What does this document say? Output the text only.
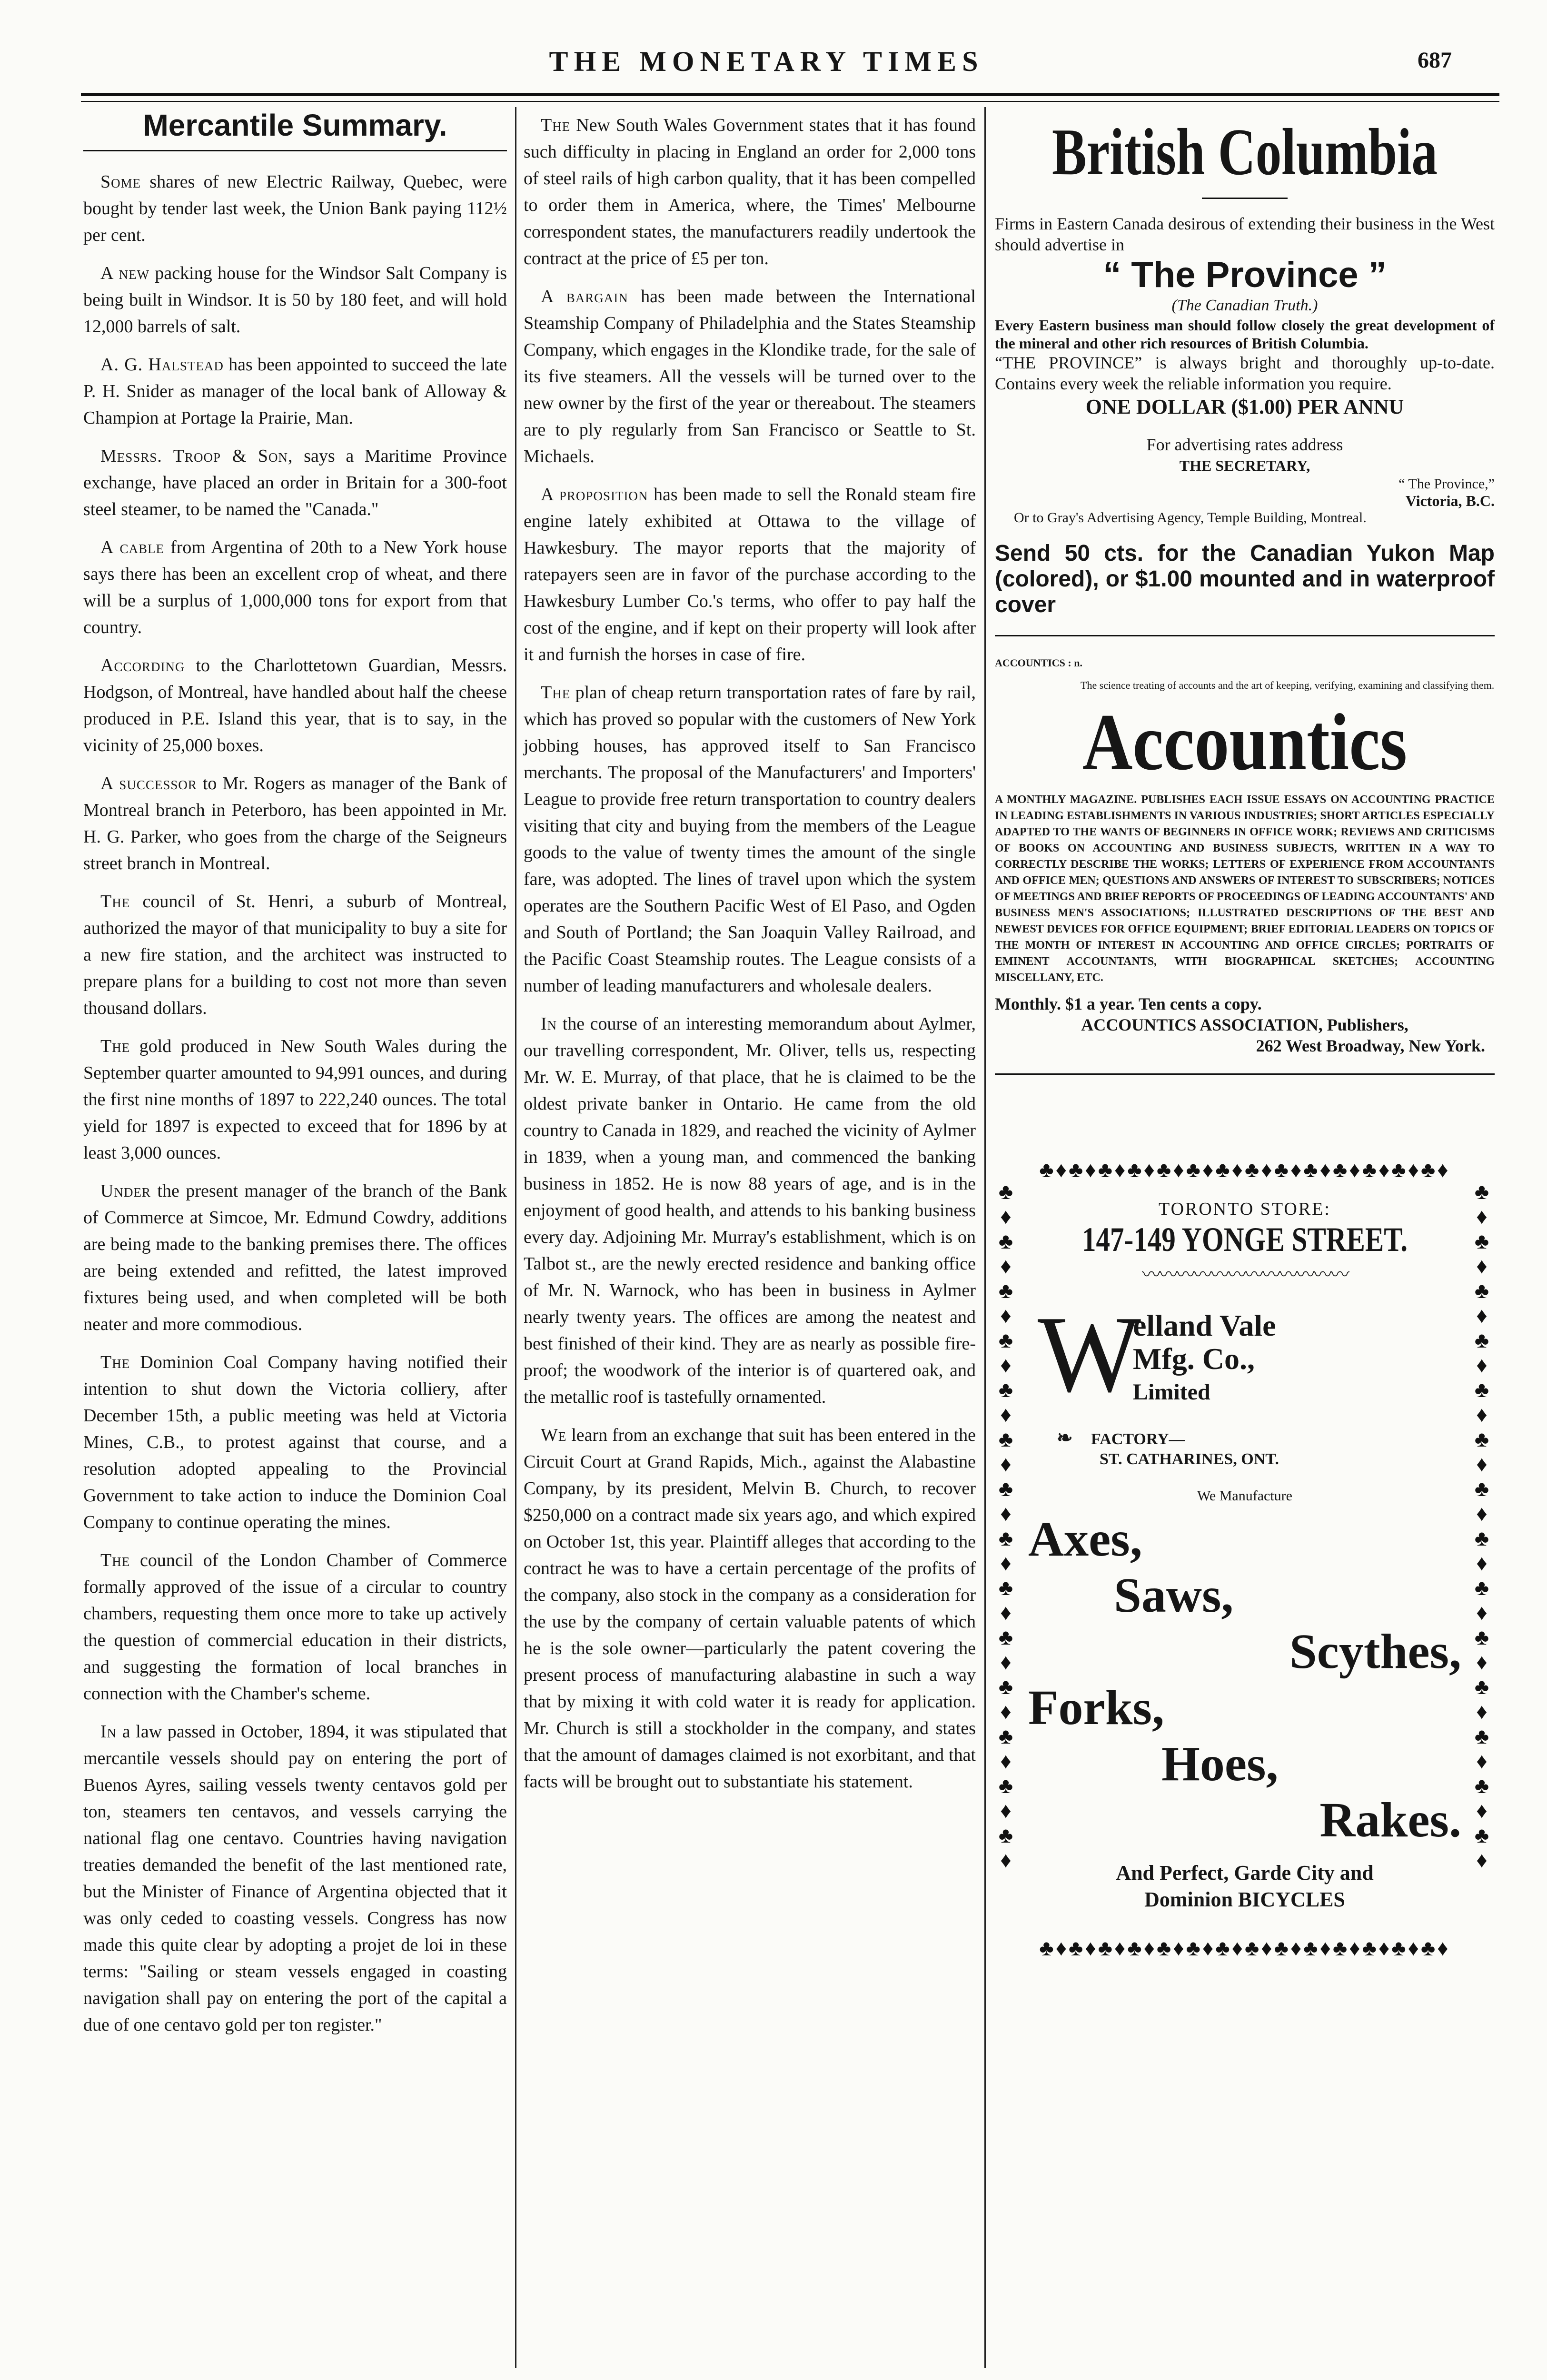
THE MONETARY TIMES	687

Mercantile Summary.

Some shares of new Electric Railway, Quebec, were bought by tender last week, the Union Bank paying 112½ per cent.

A new packing house for the Windsor Salt Company is being built in Windsor. It is 50 by 180 feet, and will hold 12,000 barrels of salt.

A. G. Halstead has been appointed to succeed the late P. H. Snider as manager of the local bank of Alloway & Champion at Portage la Prairie, Man.

Messrs. Troop & Son, says a Maritime Province exchange, have placed an order in Britain for a 300-foot steel steamer, to be named the "Canada."

A cable from Argentina of 20th to a New York house says there has been an excellent crop of wheat, and there will be a surplus of 1,000,000 tons for export from that country.

According to the Charlottetown Guardian, Messrs. Hodgson, of Montreal, have handled about half the cheese produced in P.E. Island this year, that is to say, in the vicinity of 25,000 boxes.

A successor to Mr. Rogers as manager of the Bank of Montreal branch in Peterboro, has been appointed in Mr. H. G. Parker, who goes from the charge of the Seigneurs street branch in Montreal.

The council of St. Henri, a suburb of Montreal, authorized the mayor of that municipality to buy a site for a new fire station, and the architect was instructed to prepare plans for a building to cost not more than seven thousand dollars.

The gold produced in New South Wales during the September quarter amounted to 94,991 ounces, and during the first nine months of 1897 to 222,240 ounces. The total yield for 1897 is expected to exceed that for 1896 by at least 3,000 ounces.

Under the present manager of the branch of the Bank of Commerce at Simcoe, Mr. Edmund Cowdry, additions are being made to the banking premises there. The offices are being extended and refitted, the latest improved fixtures being used, and when completed will be both neater and more commodious.

The Dominion Coal Company having notified their intention to shut down the Victoria colliery, after December 15th, a public meeting was held at Victoria Mines, C.B., to protest against that course, and a resolution adopted appealing to the Provincial Government to take action to induce the Dominion Coal Company to continue operating the mines.

The council of the London Chamber of Commerce formally approved of the issue of a circular to country chambers, requesting them once more to take up actively the question of commercial education in their districts, and suggesting the formation of local branches in connection with the Chamber's scheme.

In a law passed in October, 1894, it was stipulated that mercantile vessels should pay on entering the port of Buenos Ayres, sailing vessels twenty centavos gold per ton, steamers ten centavos, and vessels carrying the national flag one centavo. Countries having navigation treaties demanded the benefit of the last mentioned rate, but the Minister of Finance of Argentina objected that it was only ceded to coasting vessels. Congress has now made this quite clear by adopting a projet de loi in these terms: "Sailing or steam vessels engaged in coasting navigation shall pay on entering the port of the capital a due of one centavo gold per ton register."

The New South Wales Government states that it has found such difficulty in placing in England an order for 2,000 tons of steel rails of high carbon quality, that it has been compelled to order them in America, where, the Times' Melbourne correspondent states, the manufacturers readily undertook the contract at the price of £5 per ton.

A bargain has been made between the International Steamship Company of Philadelphia and the States Steamship Company, which engages in the Klondike trade, for the sale of its five steamers. All the vessels will be turned over to the new owner by the first of the year or thereabout. The steamers are to ply regularly from San Francisco or Seattle to St. Michaels.

A proposition has been made to sell the Ronald steam fire engine lately exhibited at Ottawa to the village of Hawkesbury. The mayor reports that the majority of ratepayers seen are in favor of the purchase according to the Hawkesbury Lumber Co.'s terms, who offer to pay half the cost of the engine, and if kept on their property will look after it and furnish the horses in case of fire.

The plan of cheap return transportation rates of fare by rail, which has proved so popular with the customers of New York jobbing houses, has approved itself to San Francisco merchants. The proposal of the Manufacturers' and Importers' League to provide free return transportation to country dealers visiting that city and buying from the members of the League goods to the value of twenty times the amount of the single fare, was adopted. The lines of travel upon which the system operates are the Southern Pacific West of El Paso, and Ogden and South of Portland; the San Joaquin Valley Railroad, and the Pacific Coast Steamship routes. The League consists of a number of leading manufacturers and wholesale dealers.

In the course of an interesting memorandum about Aylmer, our travelling correspondent, Mr. Oliver, tells us, respecting Mr. W. E. Murray, of that place, that he is claimed to be the oldest private banker in Ontario. He came from the old country to Canada in 1829, and reached the vicinity of Aylmer in 1839, when a young man, and commenced the banking business in 1852. He is now 88 years of age, and is in the enjoyment of good health, and attends to his banking business every day. Adjoining Mr. Murray's establishment, which is on Talbot st., are the newly erected residence and banking office of Mr. N. Warnock, who has been in business in Aylmer nearly twenty years. The offices are among the neatest and best finished of their kind. They are as nearly as possible fire-proof; the woodwork of the interior is of quartered oak, and the metallic roof is tastefully ornamented.

We learn from an exchange that suit has been entered in the Circuit Court at Grand Rapids, Mich., against the Alabastine Company, by its president, Melvin B. Church, to recover $250,000 on a contract made six years ago, and which expired on October 1st, this year. Plaintiff alleges that according to the contract he was to have a certain percentage of the profits of the company, also stock in the company as a consideration for the use by the company of certain valuable patents of which he is the sole owner—particularly the patent covering the present process of manufacturing alabastine in such a way that by mixing it with cold water it is ready for application. Mr. Church is still a stockholder in the company, and states that the amount of damages claimed is not exorbitant, and that facts will be brought out to substantiate his statement.

British Columbia
Firms in Eastern Canada desirous of extending their business in the West should advertise in
“ The Province ”
(The Canadian Truth.)
Every Eastern business man should follow closely the great development of the mineral and other rich resources of British Columbia.
“THE PROVINCE” is always bright and thoroughly up-to-date. Contains every week the reliable information you require.
ONE DOLLAR ($1.00) PER ANNU
For advertising rates address
THE SECRETARY,
“ The Province,”
Victoria, B.C.
Or to Gray's Advertising Agency, Temple Building, Montreal.
Send 50 cts. for the Canadian Yukon Map (colored), or $1.00 mounted and in waterproof cover
ACCOUNTICS : n.
The science treating of accounts and the art of keeping, verifying, examining and classifying them.
Accountics
A MONTHLY MAGAZINE. PUBLISHES EACH ISSUE ESSAYS ON ACCOUNTING PRACTICE IN LEADING ESTABLISHMENTS IN VARIOUS INDUSTRIES; SHORT ARTICLES ESPECIALLY ADAPTED TO THE WANTS OF BEGINNERS IN OFFICE WORK; REVIEWS AND CRITICISMS OF BOOKS ON ACCOUNTING AND BUSINESS SUBJECTS, WRITTEN IN A WAY TO CORRECTLY DESCRIBE THE WORKS; LETTERS OF EXPERIENCE FROM ACCOUNTANTS AND OFFICE MEN; QUESTIONS AND ANSWERS OF INTEREST TO SUBSCRIBERS; NOTICES OF MEETINGS AND BRIEF REPORTS OF PROCEEDINGS OF LEADING ACCOUNTANTS' AND BUSINESS MEN'S ASSOCIATIONS; ILLUSTRATED DESCRIPTIONS OF THE BEST AND NEWEST DEVICES FOR OFFICE EQUIPMENT; BRIEF EDITORIAL LEADERS ON TOPICS OF THE MONTH OF INTEREST IN ACCOUNTING AND OFFICE CIRCLES; PORTRAITS OF EMINENT ACCOUNTANTS, WITH BIOGRAPHICAL SKETCHES; ACCOUNTING MISCELLANY, ETC.
Monthly. $1 a year. Ten cents a copy.
ACCOUNTICS ASSOCIATION, Publishers,
262 West Broadway, New York.
♣♦♣♦♣♦♣♦♣♦♣♦♣♦♣♦♣♦♣♦♣♦♣♦♣♦♣♦
♣
♦
♣
♦
♣
♦
♣
♦
♣
♦
♣
♦
♣
♦
♣
♦
♣
♦
♣
♦
♣
♦
♣
♦
♣
♦
♣
♦
♣
♦
♣
♦
♣
♦
♣
♦
♣
♦
♣
♦
♣
♦
♣
♦
♣
♦
♣
♦
♣
♦
♣
♦
♣
♦
♣
♦
TORONTO STORE:
147-149 YONGE STREET.
〰〰〰〰〰〰〰〰〰〰〰〰
W
elland Vale
Mfg. Co.,
Limited
❧ FACTORY—
ST. CATHARINES, ONT.
We Manufacture
Axes,
Saws,
Scythes,
Forks,
Hoes,
Rakes.
And Perfect, Garde City and
Dominion BICYCLES
♣♦♣♦♣♦♣♦♣♦♣♦♣♦♣♦♣♦♣♦♣♦♣♦♣♦♣♦
